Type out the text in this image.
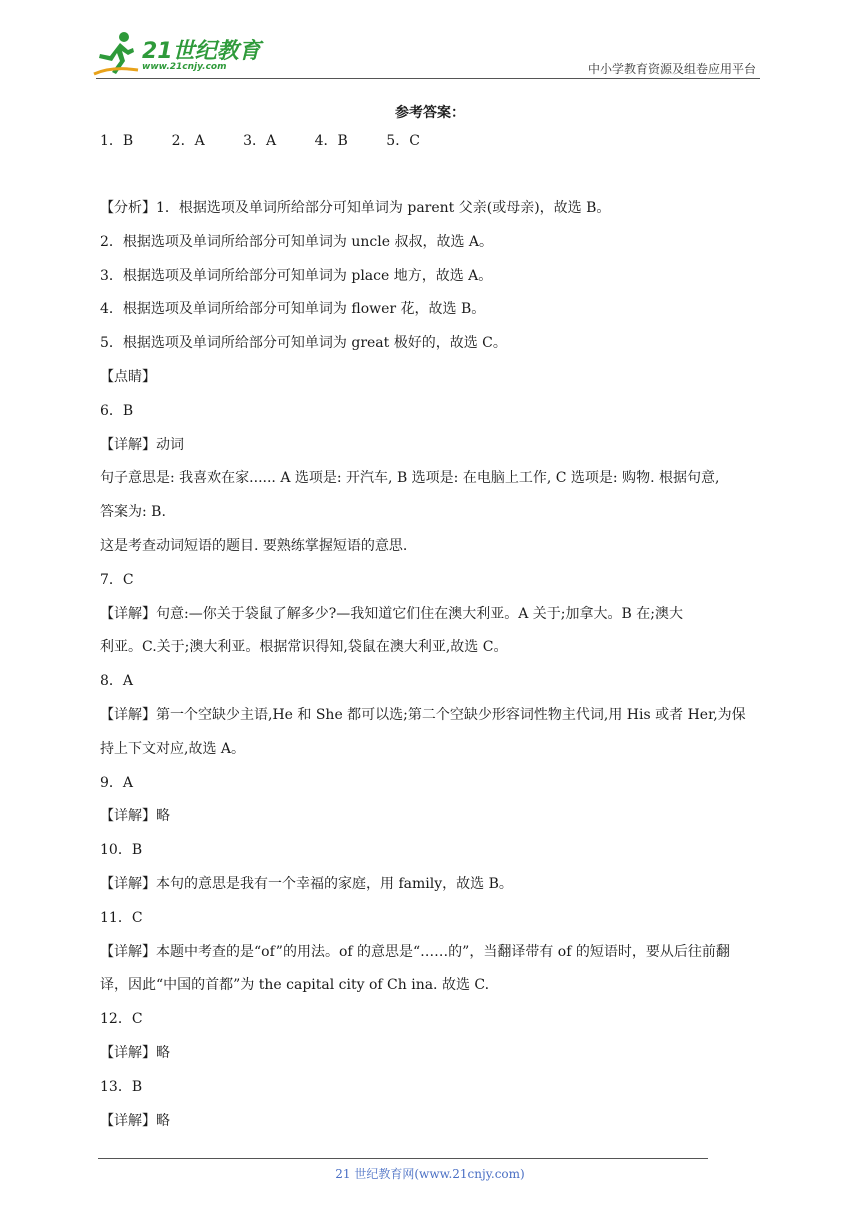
21世纪教育
www.21cnjy.com	中小学教育资源及组卷应用平台
参考答案：
1．B	2．A	3．A	4．B	5．C
【分析】1．根据选项及单词所给部分可知单词为 parent 父亲(或母亲)，故选 B。
2．根据选项及单词所给部分可知单词为 uncle 叔叔，故选 A。
3．根据选项及单词所给部分可知单词为 place 地方，故选 A。
4．根据选项及单词所给部分可知单词为 flower 花，故选 B。
5．根据选项及单词所给部分可知单词为 great 极好的，故选 C。
【点睛】
6．B
【详解】动词
句子意思是: 我喜欢在家...... A 选项是: 开汽车, B 选项是: 在电脑上工作, C 选项是: 购物. 根据句意,
答案为: B.
这是考查动词短语的题目. 要熟练掌握短语的意思.
7．C
【详解】句意:—你关于袋鼠了解多少?—我知道它们住在澳大利亚。A 关于;加拿大。B 在;澳大
利亚。C.关于;澳大利亚。根据常识得知,袋鼠在澳大利亚,故选 C。
8．A
【详解】第一个空缺少主语,He 和 She 都可以选;第二个空缺少形容词性物主代词,用 His 或者 Her,为保
持上下文对应,故选 A。
9．A
【详解】略
10．B
【详解】本句的意思是我有一个幸福的家庭，用 family，故选 B。
11．C
【详解】本题中考查的是“of”的用法。of 的意思是“……的”，当翻译带有 of 的短语时，要从后往前翻
译，因此“中国的首都”为 the capital city of Ch ina. 故选 C.
12．C
【详解】略
13．B
【详解】略
21 世纪教育网(www.21cnjy.com)
